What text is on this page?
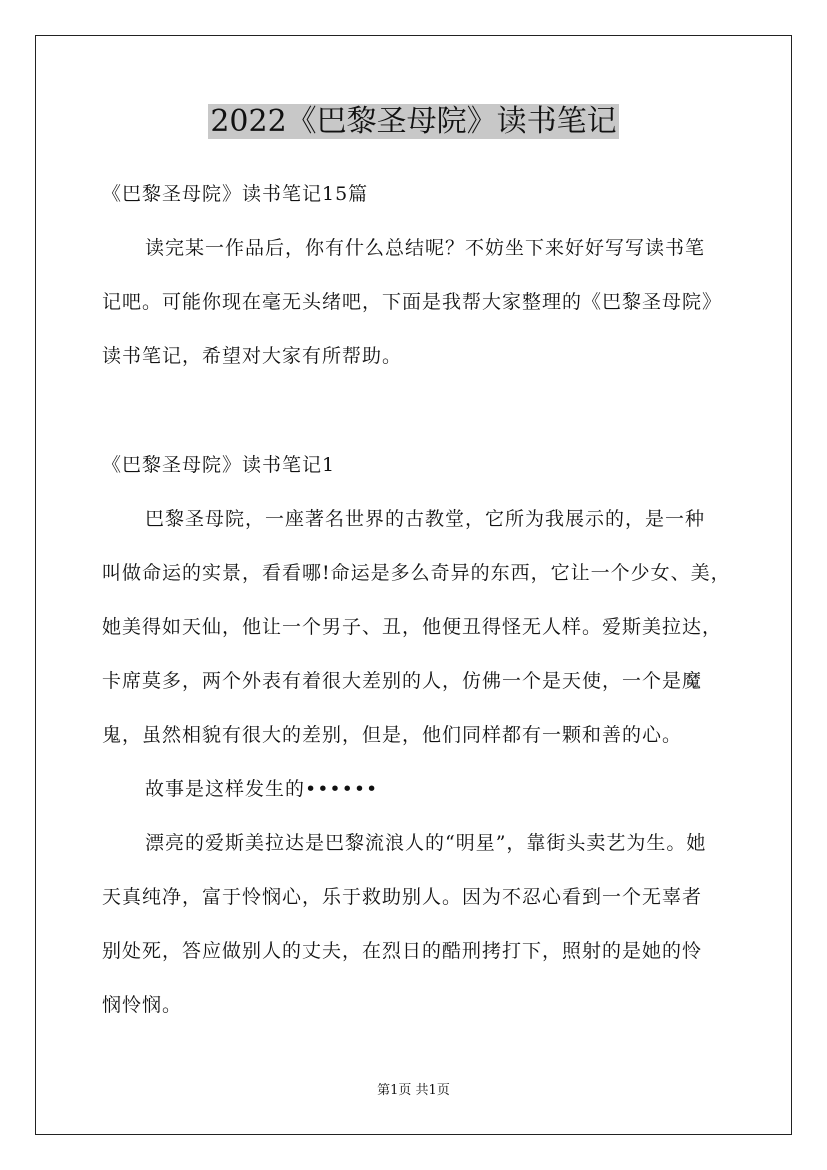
2022《巴黎圣母院》读书笔记
《巴黎圣母院》读书笔记15篇
读完某一作品后，你有什么总结呢？不妨坐下来好好写写读书笔
记吧。可能你现在毫无头绪吧，下面是我帮大家整理的《巴黎圣母院》
读书笔记，希望对大家有所帮助。
《巴黎圣母院》读书笔记1
巴黎圣母院，一座著名世界的古教堂，它所为我展示的，是一种
叫做命运的实景，看看哪!命运是多么奇异的东西，它让一个少女、美，
她美得如天仙，他让一个男子、丑，他便丑得怪无人样。爱斯美拉达，
卡席莫多，两个外表有着很大差别的人，仿佛一个是天使，一个是魔
鬼，虽然相貌有很大的差别，但是，他们同样都有一颗和善的心。
故事是这样发生的••••••
漂亮的爱斯美拉达是巴黎流浪人的“明星”，靠街头卖艺为生。她
天真纯净，富于怜悯心，乐于救助别人。因为不忍心看到一个无辜者
别处死，答应做别人的丈夫，在烈日的酷刑拷打下，照射的是她的怜
悯怜悯。
第1页 共1页
